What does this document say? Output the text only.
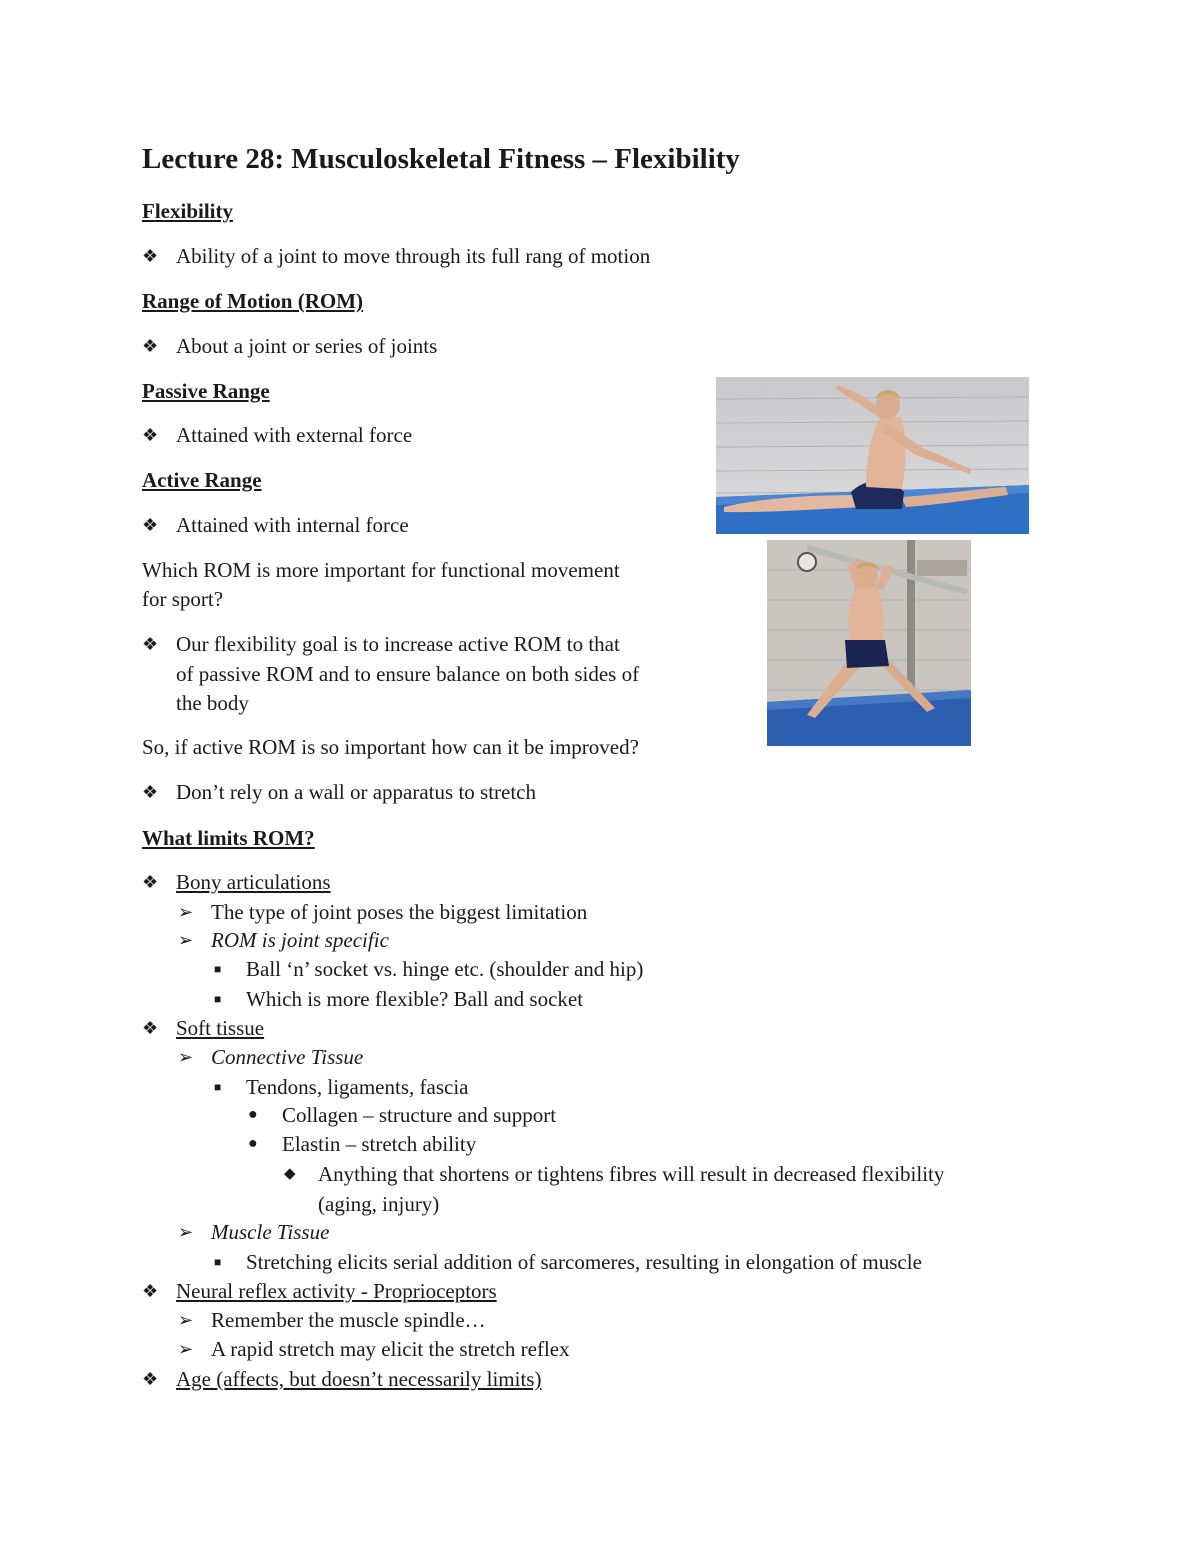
Lecture 28: Musculoskeletal Fitness – Flexibility
Flexibility
❖ Ability of a joint to move through its full rang of motion
Range of Motion (ROM)
❖ About a joint or series of joints
Passive Range
❖ Attained with external force
Active Range
❖ Attained with internal force
Which ROM is more important for functional movement
for sport?
❖ Our flexibility goal is to increase active ROM to that
of passive ROM and to ensure balance on both sides of
the body
So, if active ROM is so important how can it be improved?
❖ Don’t rely on a wall or apparatus to stretch
What limits ROM?
❖ Bony articulations
➢ The type of joint poses the biggest limitation
➢ ROM is joint specific
■ Ball ‘n’ socket vs. hinge etc. (shoulder and hip)
■ Which is more flexible? Ball and socket
❖ Soft tissue
➢ Connective Tissue
■ Tendons, ligaments, fascia
● Collagen – structure and support
● Elastin – stretch ability
◆ Anything that shortens or tightens fibres will result in decreased flexibility
(aging, injury)
➢ Muscle Tissue
■ Stretching elicits serial addition of sarcomeres, resulting in elongation of muscle
❖ Neural reflex activity - Proprioceptors
➢ Remember the muscle spindle…
➢ A rapid stretch may elicit the stretch reflex
❖ Age (affects, but doesn’t necessarily limits)
